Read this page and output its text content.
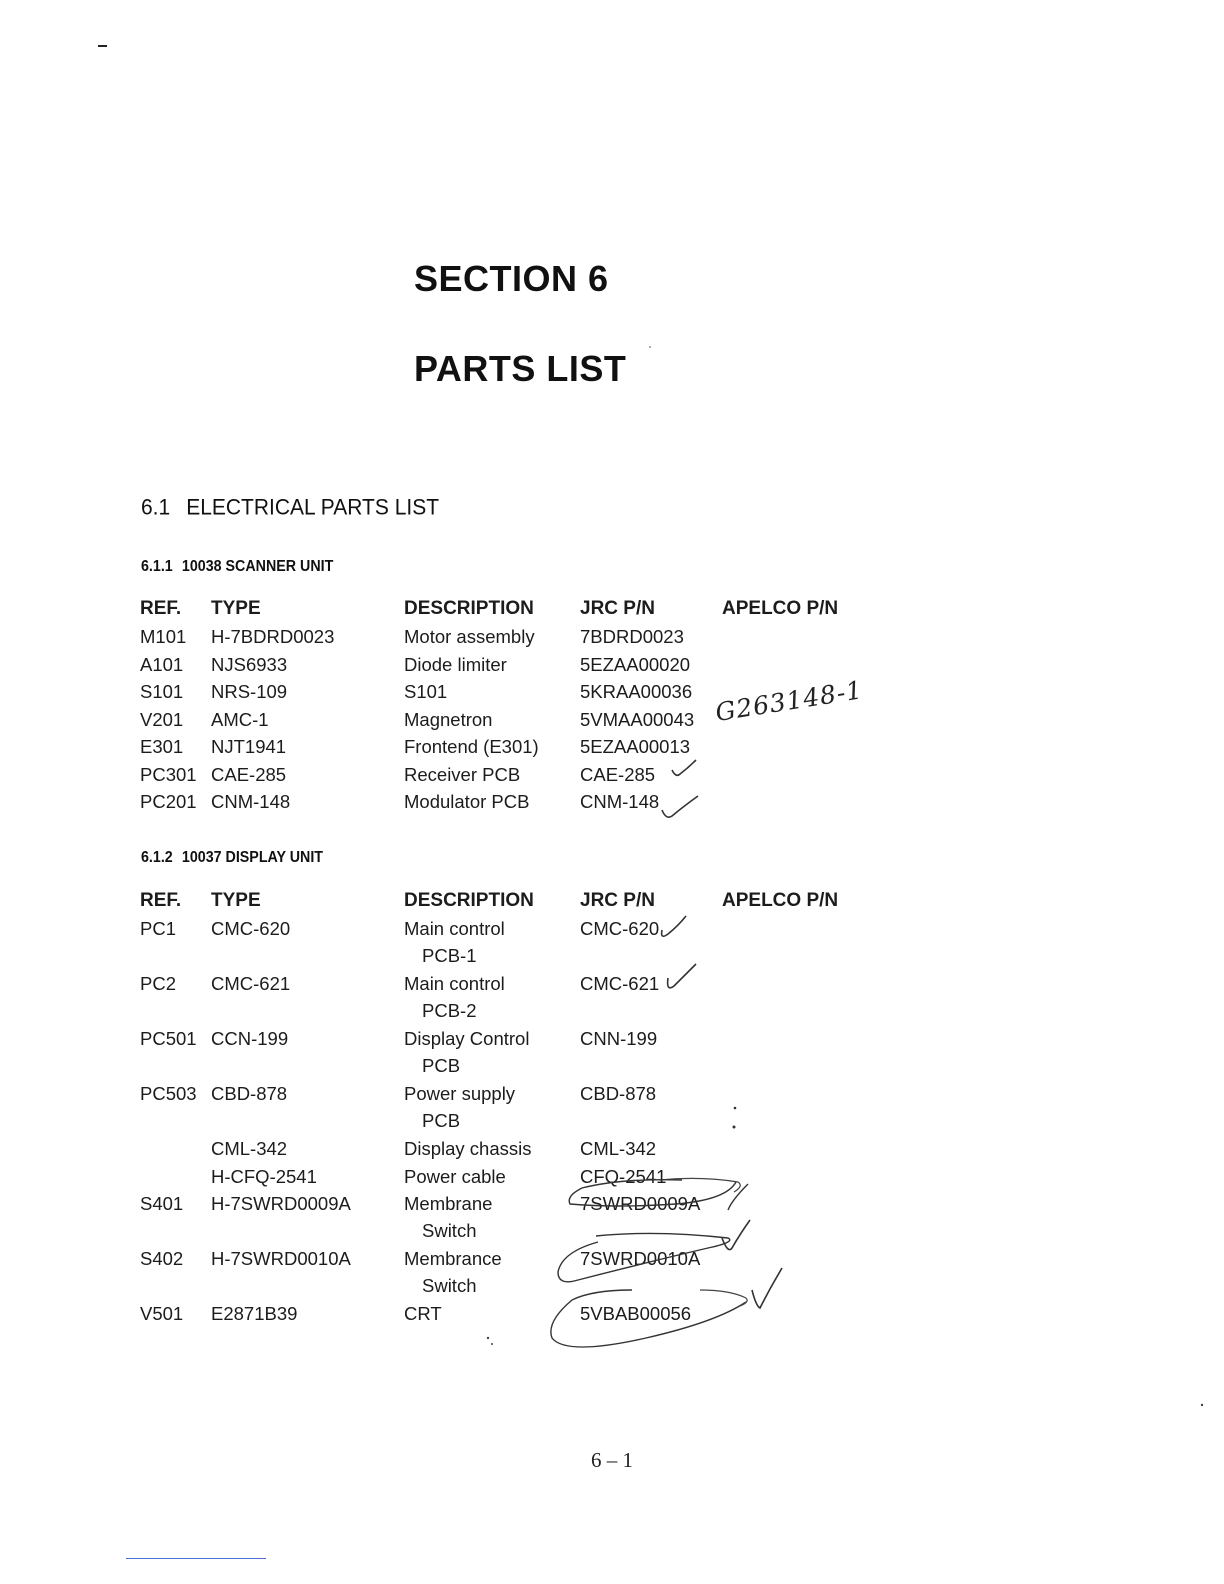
SECTION 6
PARTS LIST
6.1 ELECTRICAL PARTS LIST
6.1.1 10038 SCANNER UNIT
REF. TYPE	DESCRIPTION JRC P/N	APELCO P/N
M101 H-7BDRD0023	Motor assembly 7BDRD0023
A101 NJS6933	Diode limiter	5EZAA00020
S101 NRS-109	S101	5KRAA00036
V201 AMC-1	Magnetron	5VMAA00043
E301 NJT1941	Frontend (E301) 5EZAA00013
PC301 CAE-285	Receiver PCB	CAE-285
PC201 CNM-148	Modulator PCB	CNM-148
6.1.2 10037 DISPLAY UNIT
REF. TYPE	DESCRIPTION JRC P/N	APELCO P/N
PC1 CMC-620	Main control	CMC-620
PCB-1
PC2 CMC-621	Main control	CMC-621
PCB-2
PC501 CCN-199	Display Control	CNN-199
PCB
PC503 CBD-878	Power supply	CBD-878
PCB
CML-342	Display chassis	CML-342
H-CFQ-2541	Power cable	CFQ-2541
S401 H-7SWRD0009A	Membrane	7SWRD0009A
Switch
S402 H-7SWRD0010A	Membrance	7SWRD0010A
Switch
V501 E2871B39	CRT	5VBAB00056
G263148-1
6 – 1
